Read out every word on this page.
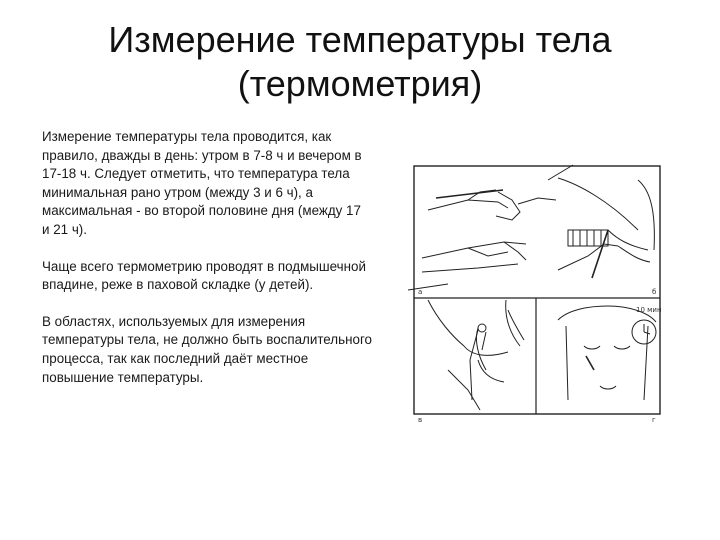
Измерение температуры тела
(термометрия)

Измерение температуры тела проводится, как правило, дважды в день: утром в 7-8 ч и вечером в 17-18 ч. Следует отметить, что температура тела минимальная рано утром (между 3 и 6 ч), а максимальная - во второй половине дня (между 17 и 21 ч).

Чаще всего термометрию проводят в подмышечной впадине, реже в паховой складке (у детей).

В областях, используемых для измерения температуры тела, не должно быть воспалительного процесса, так как последний даёт местное повышение температуры.

а	б
10 мин
в	г
